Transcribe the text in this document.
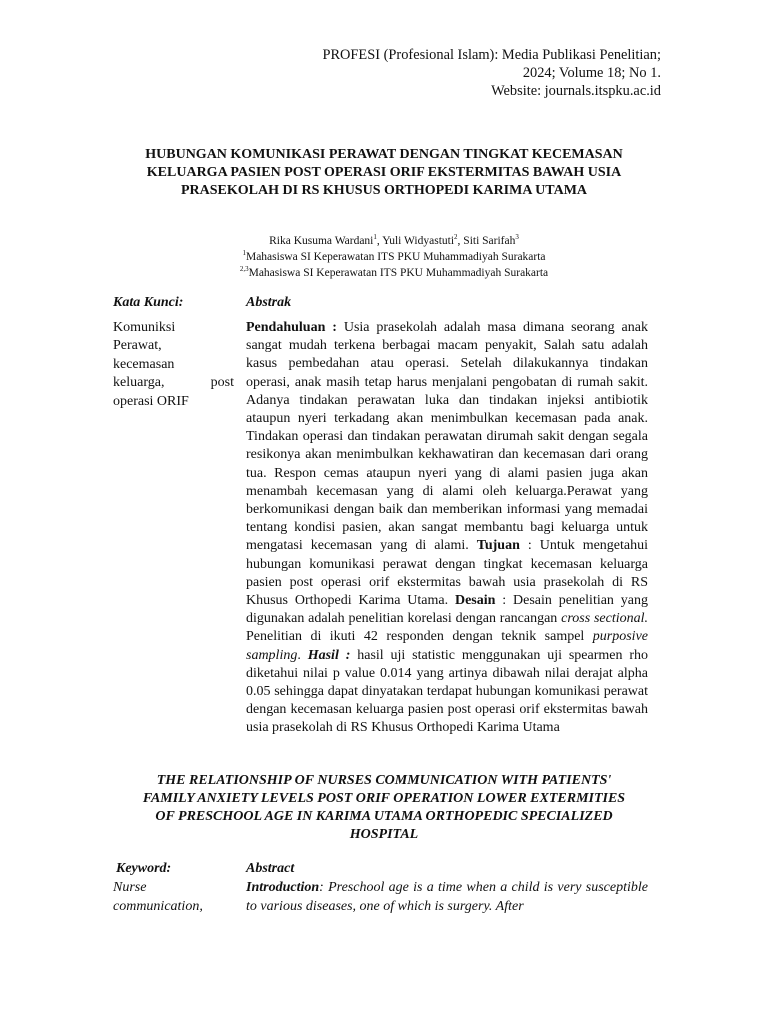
PROFESI (Profesional Islam): Media Publikasi Penelitian;
2024; Volume 18; No 1.
Website: journals.itspku.ac.id
HUBUNGAN KOMUNIKASI PERAWAT DENGAN TINGKAT KECEMASAN
KELUARGA PASIEN POST OPERASI ORIF EKSTERMITAS BAWAH USIA
PRASEKOLAH DI RS KHUSUS ORTHOPEDI KARIMA UTAMA
Rika Kusuma Wardani$^1$, Yuli Widyastuti$^2$, Siti Sarifah$^3$
$^1$Mahasiswa SI Keperawatan ITS PKU Muhammadiyah Surakarta
$^{2,3}$Mahasiswa SI Keperawatan ITS PKU Muhammadiyah Surakarta
Kata Kunci:	Abstrak
Komuniksi
Perawat,
kecemasan
keluarga,	post
operasi ORIF
Pendahuluan : Usia prasekolah adalah masa dimana seorang anak sangat mudah terkena berbagai macam penyakit, Salah satu adalah kasus pembedahan atau operasi. Setelah dilakukannya tindakan operasi, anak masih tetap harus menjalani pengobatan di rumah sakit. Adanya tindakan perawatan luka dan tindakan injeksi antibiotik ataupun nyeri terkadang akan menimbulkan kecemasan pada anak. Tindakan operasi dan tindakan perawatan dirumah sakit dengan segala resikonya akan menimbulkan kekhawatiran dan kecemasan dari orang tua. Respon cemas ataupun nyeri yang di alami pasien juga akan menambah kecemasan yang di alami oleh keluarga.Perawat yang berkomunikasi dengan baik dan memberikan informasi yang memadai tentang kondisi pasien, akan sangat membantu bagi keluarga untuk mengatasi kecemasan yang di alami. Tujuan : Untuk mengetahui hubungan komunikasi perawat dengan tingkat kecemasan keluarga pasien post operasi orif ekstermitas bawah usia prasekolah di RS Khusus Orthopedi Karima Utama. Desain : Desain penelitian yang digunakan adalah penelitian korelasi dengan rancangan cross sectional. Penelitian di ikuti 42 responden dengan teknik sampel purposive sampling. Hasil : hasil uji statistic menggunakan uji spearmen rho diketahui nilai p value 0.014 yang artinya dibawah nilai derajat alpha 0.05 sehingga dapat dinyatakan terdapat hubungan komunikasi perawat dengan kecemasan keluarga pasien post operasi orif ekstermitas bawah usia prasekolah di RS Khusus Orthopedi Karima Utama
THE RELATIONSHIP OF NURSES COMMUNICATION WITH PATIENTS'
FAMILY ANXIETY LEVELS POST ORIF OPERATION LOWER EXTERMITIES
OF PRESCHOOL AGE IN KARIMA UTAMA ORTHOPEDIC SPECIALIZED
HOSPITAL
Keyword:	Abstract
Nurse
communication,
Introduction: Preschool age is a time when a child is very susceptible to various diseases, one of which is surgery. After
